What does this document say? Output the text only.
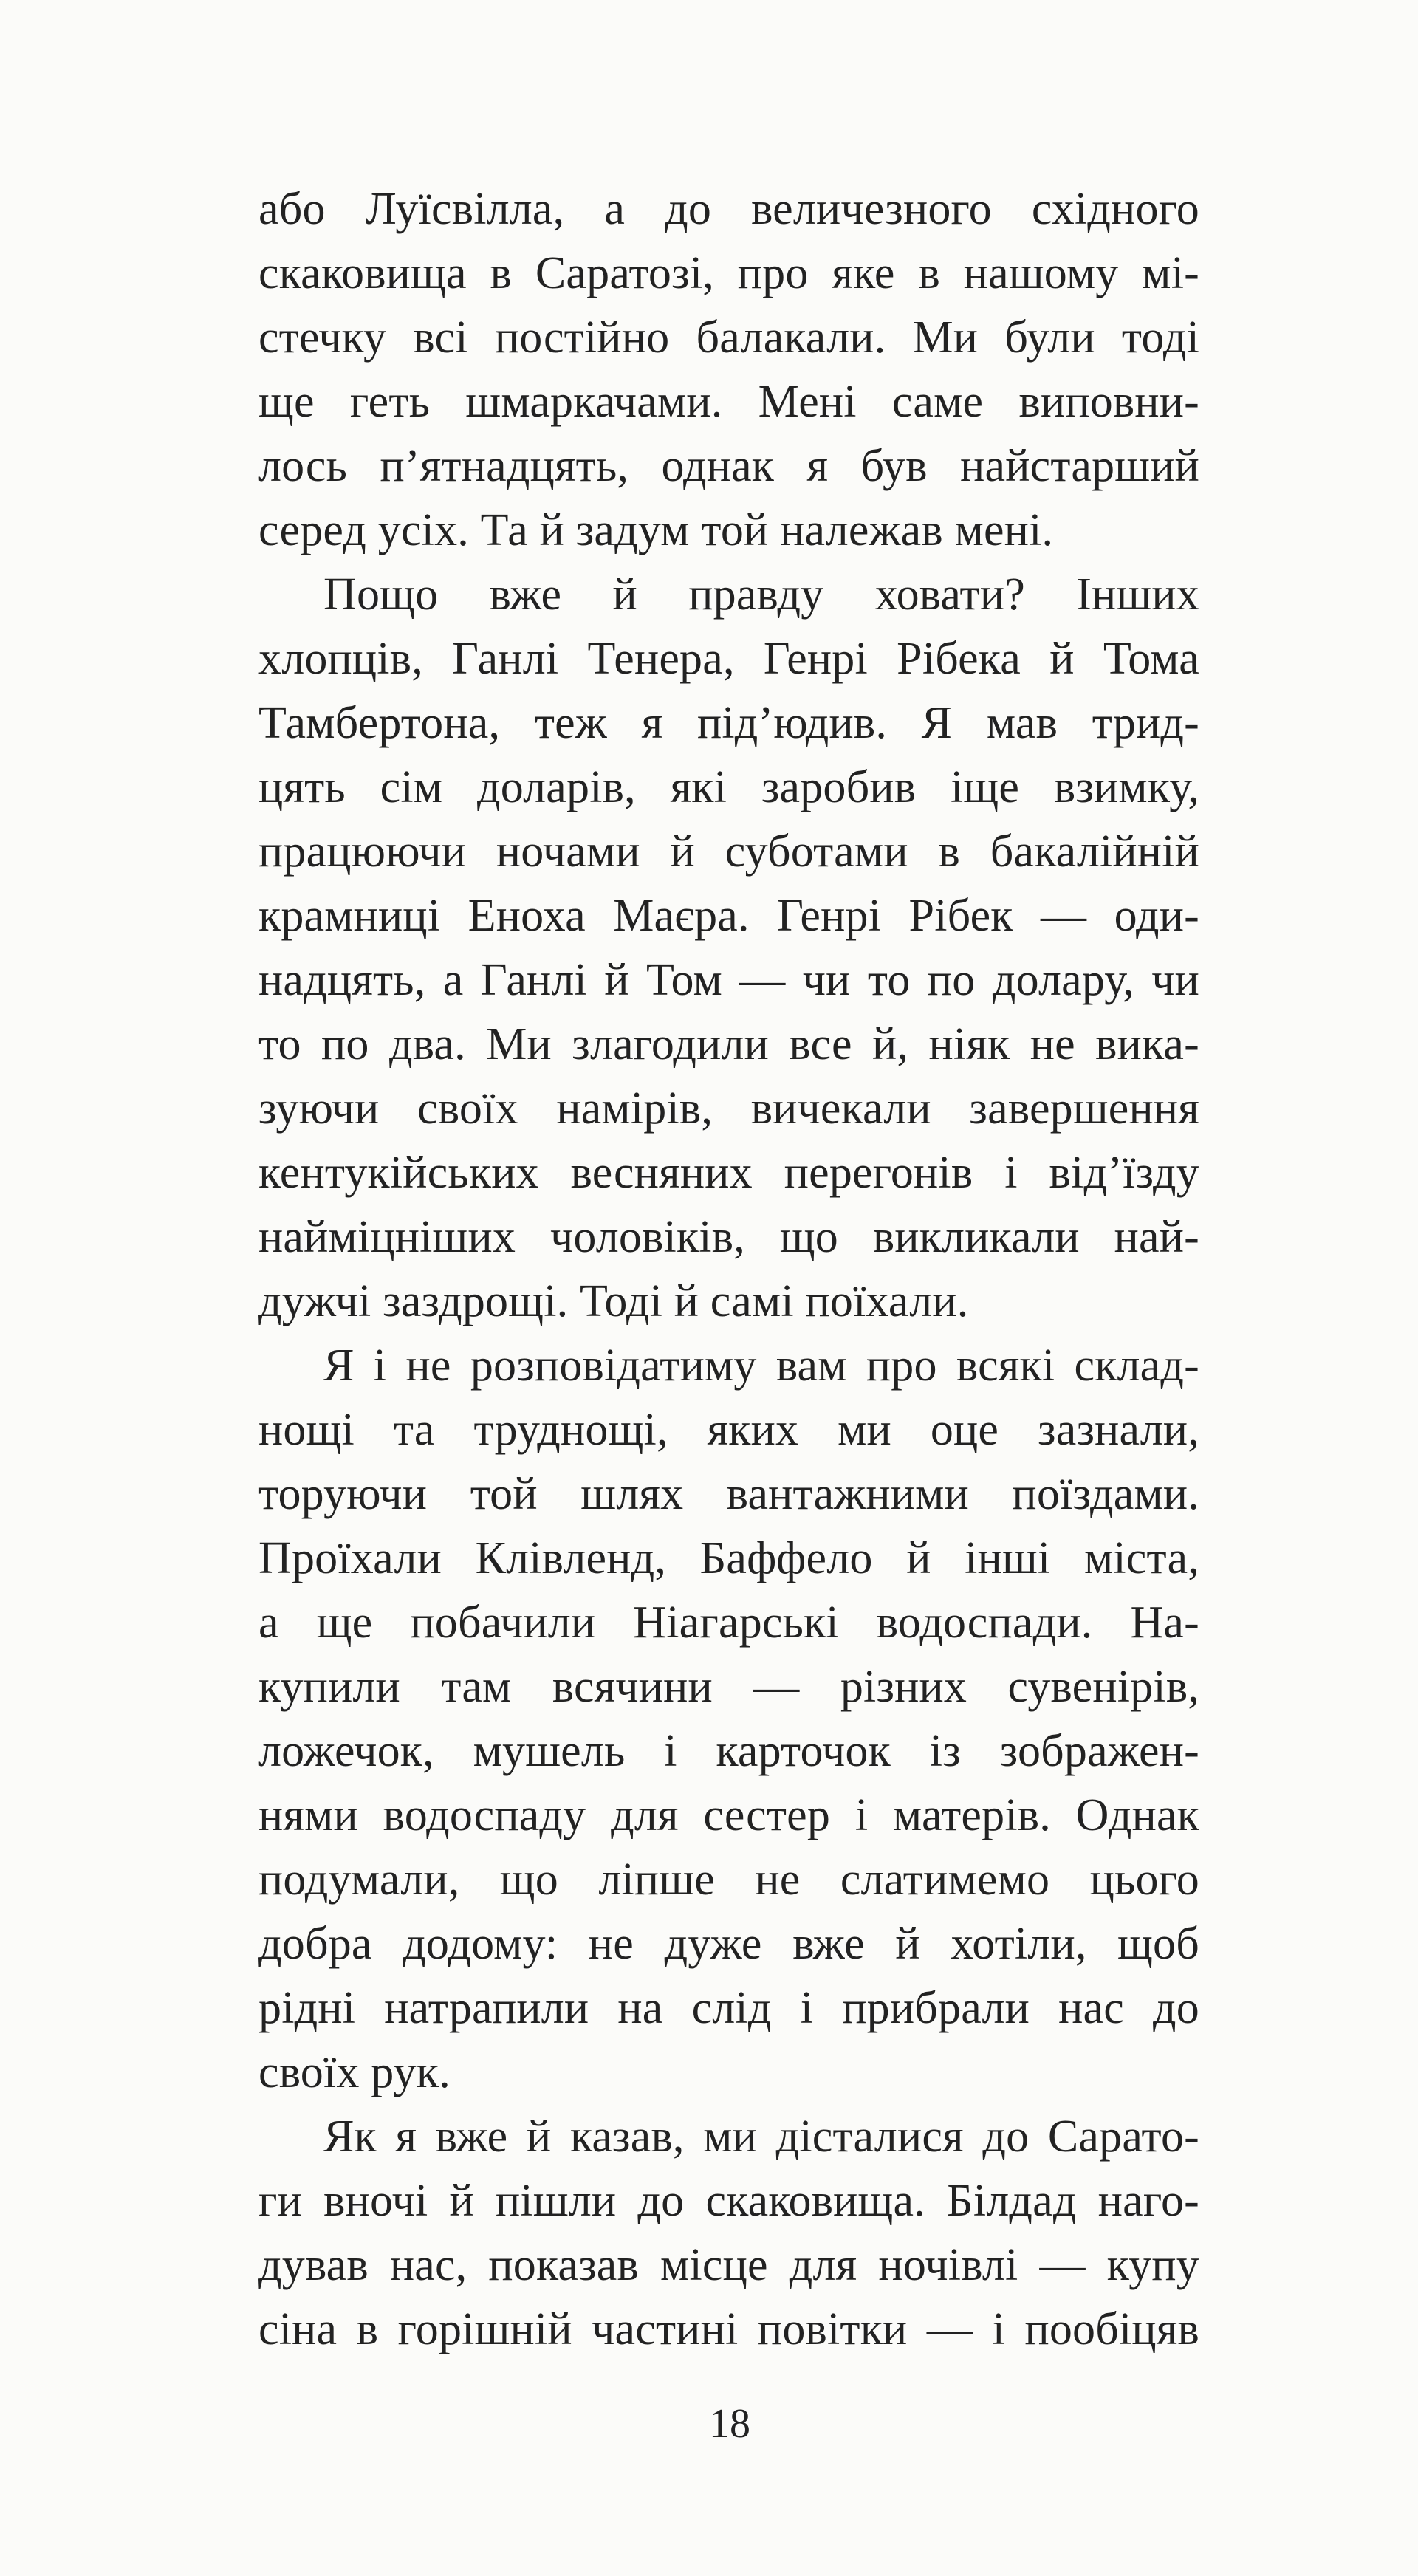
або Луїсвілла, а до величезного східного
скаковища в Саратозі, про яке в нашому мі-
стечку всі постійно балакали. Ми були тоді
ще геть шмаркачами. Мені саме виповни-
лось п’ятнадцять, однак я був найстарший
серед усіх. Та й задум той належав мені.
Пощо вже й правду ховати? Інших
хлопців, Ганлі Тенера, Генрі Рібека й Тома
Тамбертона, теж я під’юдив. Я мав трид-
цять сім доларів, які заробив іще взимку,
працюючи ночами й суботами в бакалійній
крамниці Еноха Маєра. Генрі Рібек — оди-
надцять, а Ганлі й Том — чи то по долару, чи
то по два. Ми злагодили все й, ніяк не вика-
зуючи своїх намірів, вичекали завершення
кентукійських весняних перегонів і від’їзду
найміцніших чоловіків, що викликали най-
дужчі заздрощі. Тоді й самі поїхали.
Я і не розповідатиму вам про всякі склад-
нощі та труднощі, яких ми оце зазнали,
торуючи той шлях вантажними поїздами.
Проїхали Клівленд, Баффело й інші міста,
а ще побачили Ніагарські водоспади. На-
купили там всячини — різних сувенірів,
ложечок, мушель і карточок із зображен-
нями водоспаду для сестер і матерів. Однак
подумали, що ліпше не слатимемо цього
добра додому: не дуже вже й хотіли, щоб
рідні натрапили на слід і прибрали нас до
своїх рук.
Як я вже й казав, ми дісталися до Сарато-
ги вночі й пішли до скаковища. Білдад наго-
дував нас, показав місце для ночівлі — купу
сіна в горішній частині повітки — і пообіцяв
18
